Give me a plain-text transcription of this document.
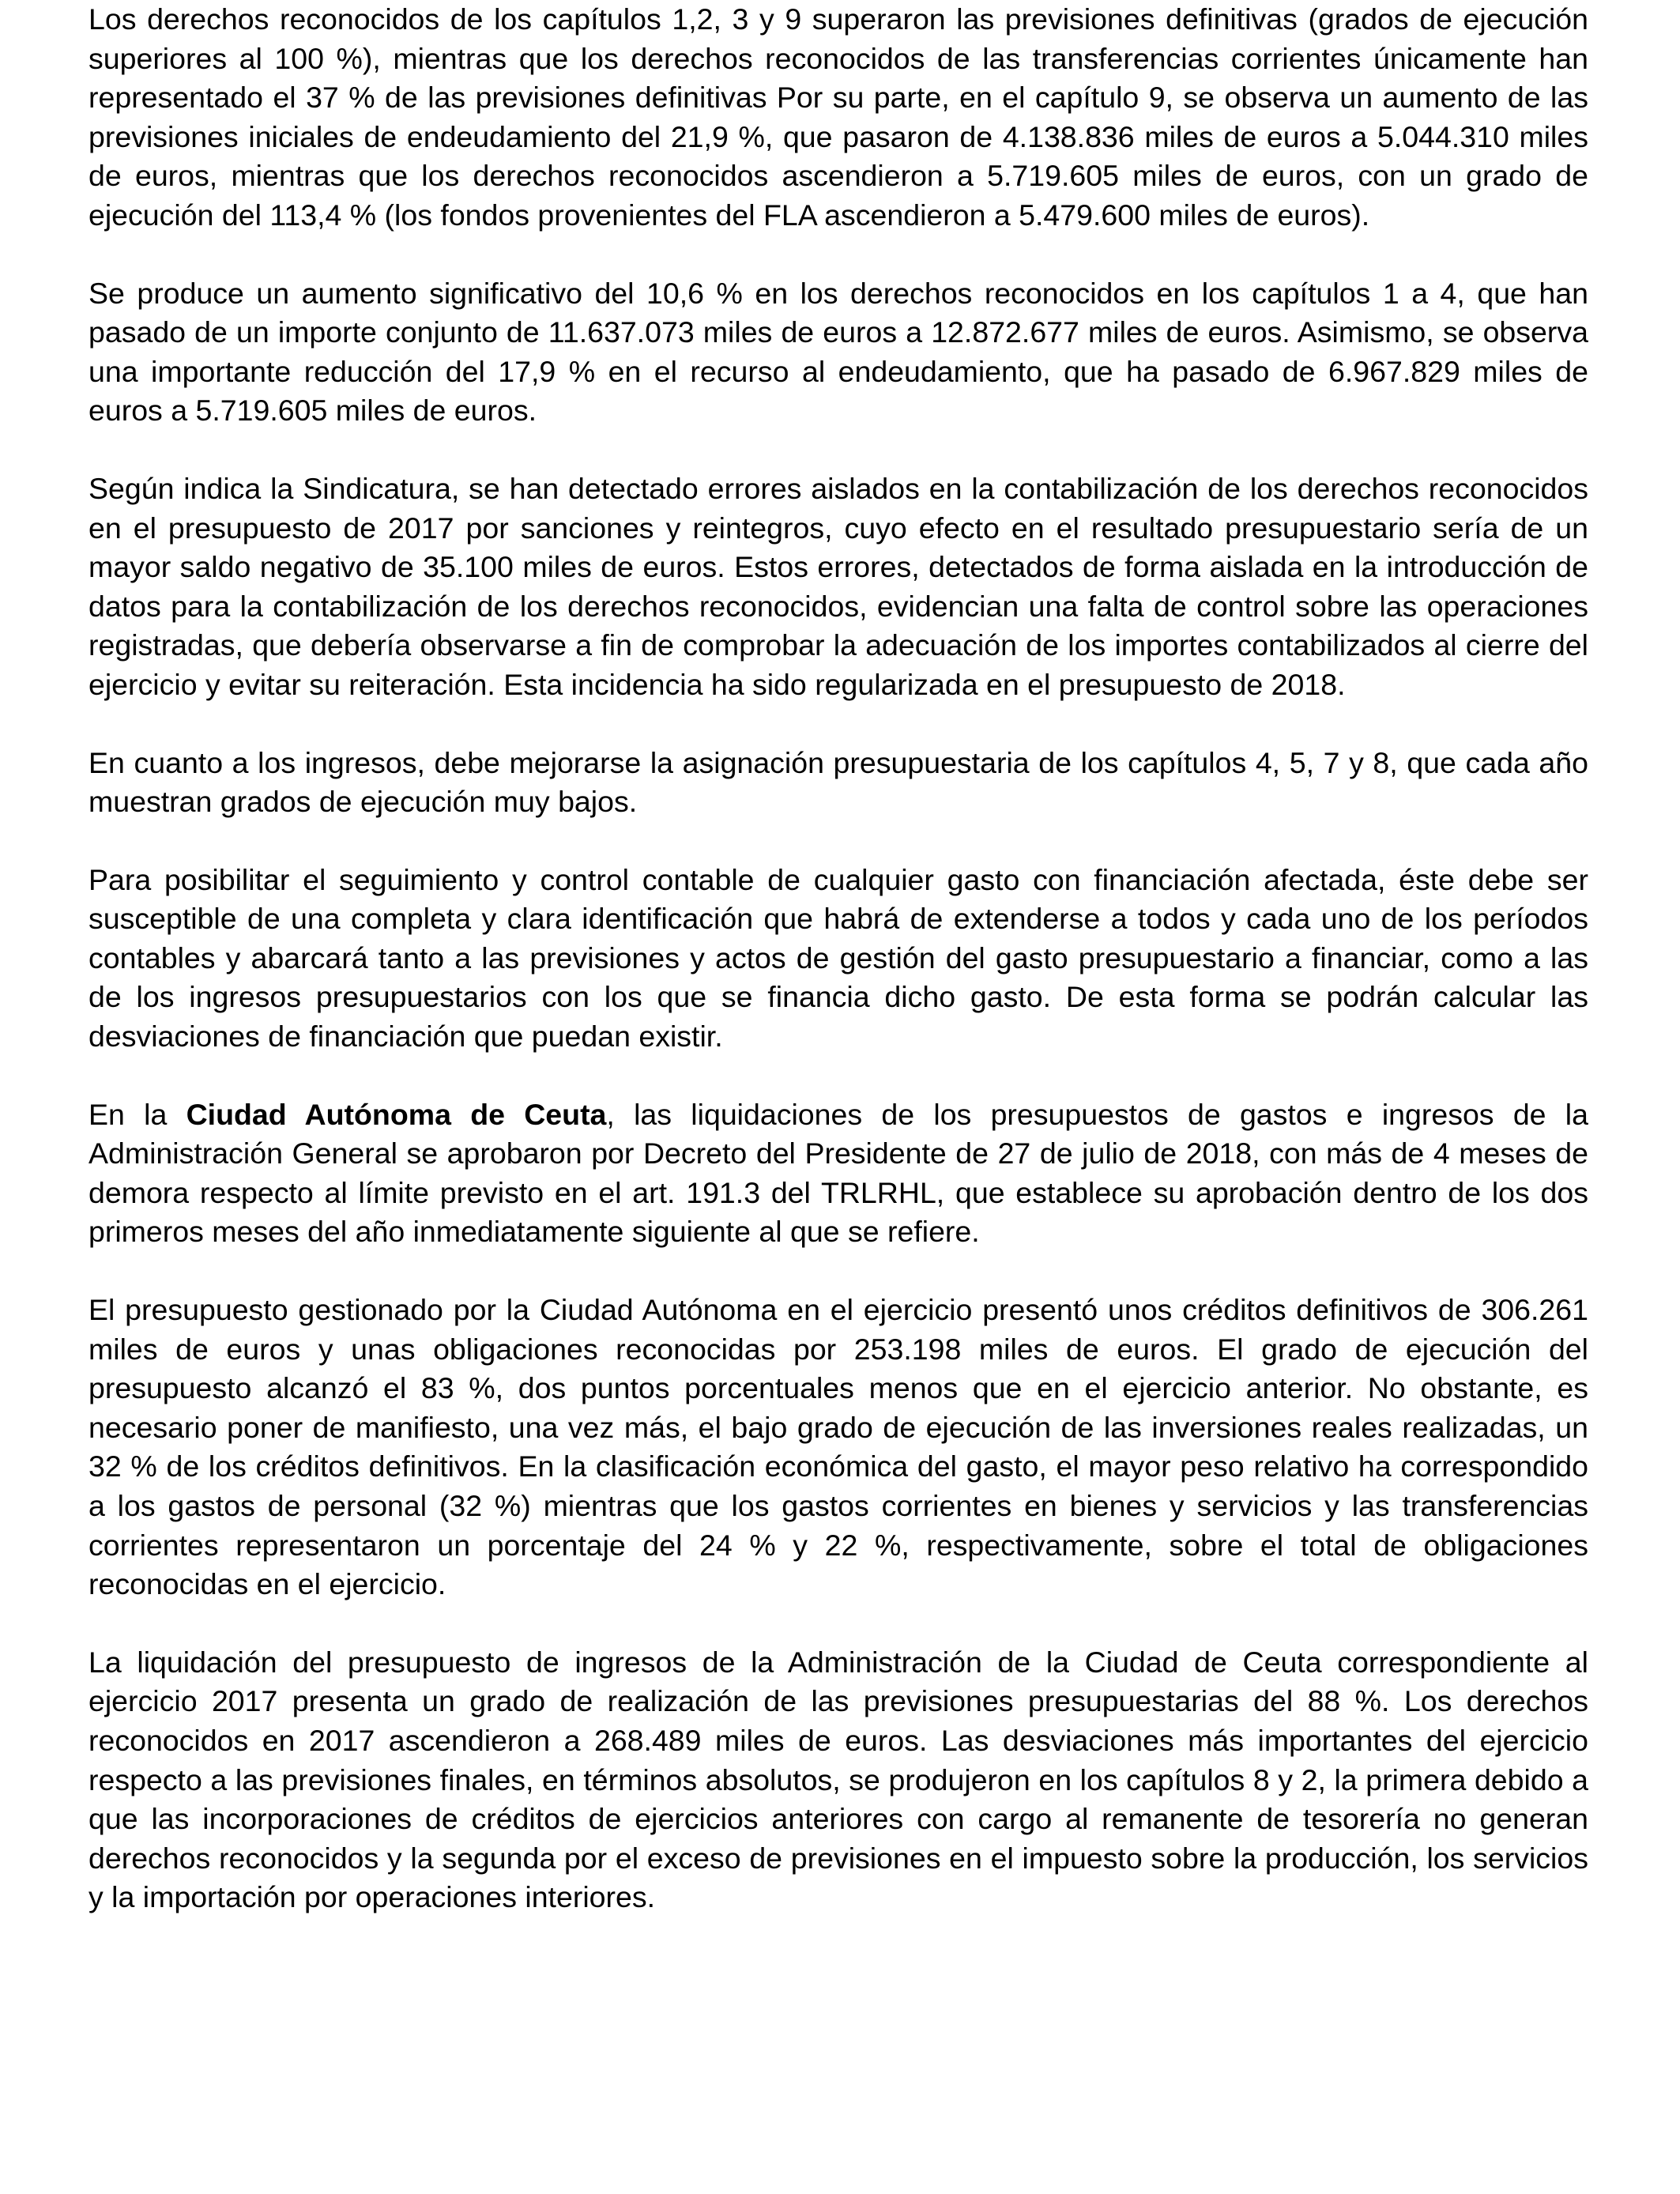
Los derechos reconocidos de los capítulos 1,2, 3 y 9 superaron las previsiones definitivas (grados de ejecución superiores al 100 %), mientras que los derechos reconocidos de las transferencias corrientes únicamente han representado el 37 % de las previsiones definitivas Por su parte, en el capítulo 9, se observa un aumento de las previsiones iniciales de endeudamiento del 21,9 %, que pasaron de 4.138.836 miles de euros a 5.044.310 miles de euros, mientras que los derechos reconocidos ascendieron a 5.719.605 miles de euros, con un grado de ejecución del 113,4 % (los fondos provenientes del FLA ascendieron a 5.479.600 miles de euros).

Se produce un aumento significativo del 10,6 % en los derechos reconocidos en los capítulos 1 a 4, que han pasado de un importe conjunto de 11.637.073 miles de euros a 12.872.677 miles de euros. Asimismo, se observa una importante reducción del 17,9 % en el recurso al endeudamiento, que ha pasado de 6.967.829 miles de euros a 5.719.605 miles de euros.

Según indica la Sindicatura, se han detectado errores aislados en la contabilización de los derechos reconocidos en el presupuesto de 2017 por sanciones y reintegros, cuyo efecto en el resultado presupuestario sería de un mayor saldo negativo de 35.100 miles de euros. Estos errores, detectados de forma aislada en la introducción de datos para la contabilización de los derechos reconocidos, evidencian una falta de control sobre las operaciones registradas, que debería observarse a fin de comprobar la adecuación de los importes contabilizados al cierre del ejercicio y evitar su reiteración. Esta incidencia ha sido regularizada en el presupuesto de 2018.

En cuanto a los ingresos, debe mejorarse la asignación presupuestaria de los capítulos 4, 5, 7 y 8, que cada año muestran grados de ejecución muy bajos.

Para posibilitar el seguimiento y control contable de cualquier gasto con financiación afectada, éste debe ser susceptible de una completa y clara identificación que habrá de extenderse a todos y cada uno de los períodos contables y abarcará tanto a las previsiones y actos de gestión del gasto presupuestario a financiar, como a las de los ingresos presupuestarios con los que se financia dicho gasto. De esta forma se podrán calcular las desviaciones de financiación que puedan existir.

En la Ciudad Autónoma de Ceuta, las liquidaciones de los presupuestos de gastos e ingresos de la Administración General se aprobaron por Decreto del Presidente de 27 de julio de 2018, con más de 4 meses de demora respecto al límite previsto en el art. 191.3 del TRLRHL, que establece su aprobación dentro de los dos primeros meses del año inmediatamente siguiente al que se refiere.

El presupuesto gestionado por la Ciudad Autónoma en el ejercicio presentó unos créditos definitivos de 306.261 miles de euros y unas obligaciones reconocidas por 253.198 miles de euros. El grado de ejecución del presupuesto alcanzó el 83 %, dos puntos porcentuales menos que en el ejercicio anterior. No obstante, es necesario poner de manifiesto, una vez más, el bajo grado de ejecución de las inversiones reales realizadas, un 32 % de los créditos definitivos. En la clasificación económica del gasto, el mayor peso relativo ha correspondido a los gastos de personal (32 %) mientras que los gastos corrientes en bienes y servicios y las transferencias corrientes representaron un porcentaje del 24 % y 22 %, respectivamente, sobre el total de obligaciones reconocidas en el ejercicio.

La liquidación del presupuesto de ingresos de la Administración de la Ciudad de Ceuta correspondiente al ejercicio 2017 presenta un grado de realización de las previsiones presupuestarias del 88 %. Los derechos reconocidos en 2017 ascendieron a 268.489 miles de euros. Las desviaciones más importantes del ejercicio respecto a las previsiones finales, en términos absolutos, se produjeron en los capítulos 8 y 2, la primera debido a que las incorporaciones de créditos de ejercicios anteriores con cargo al remanente de tesorería no generan derechos reconocidos y la segunda por el exceso de previsiones en el impuesto sobre la producción, los servicios y la importación por operaciones interiores.
